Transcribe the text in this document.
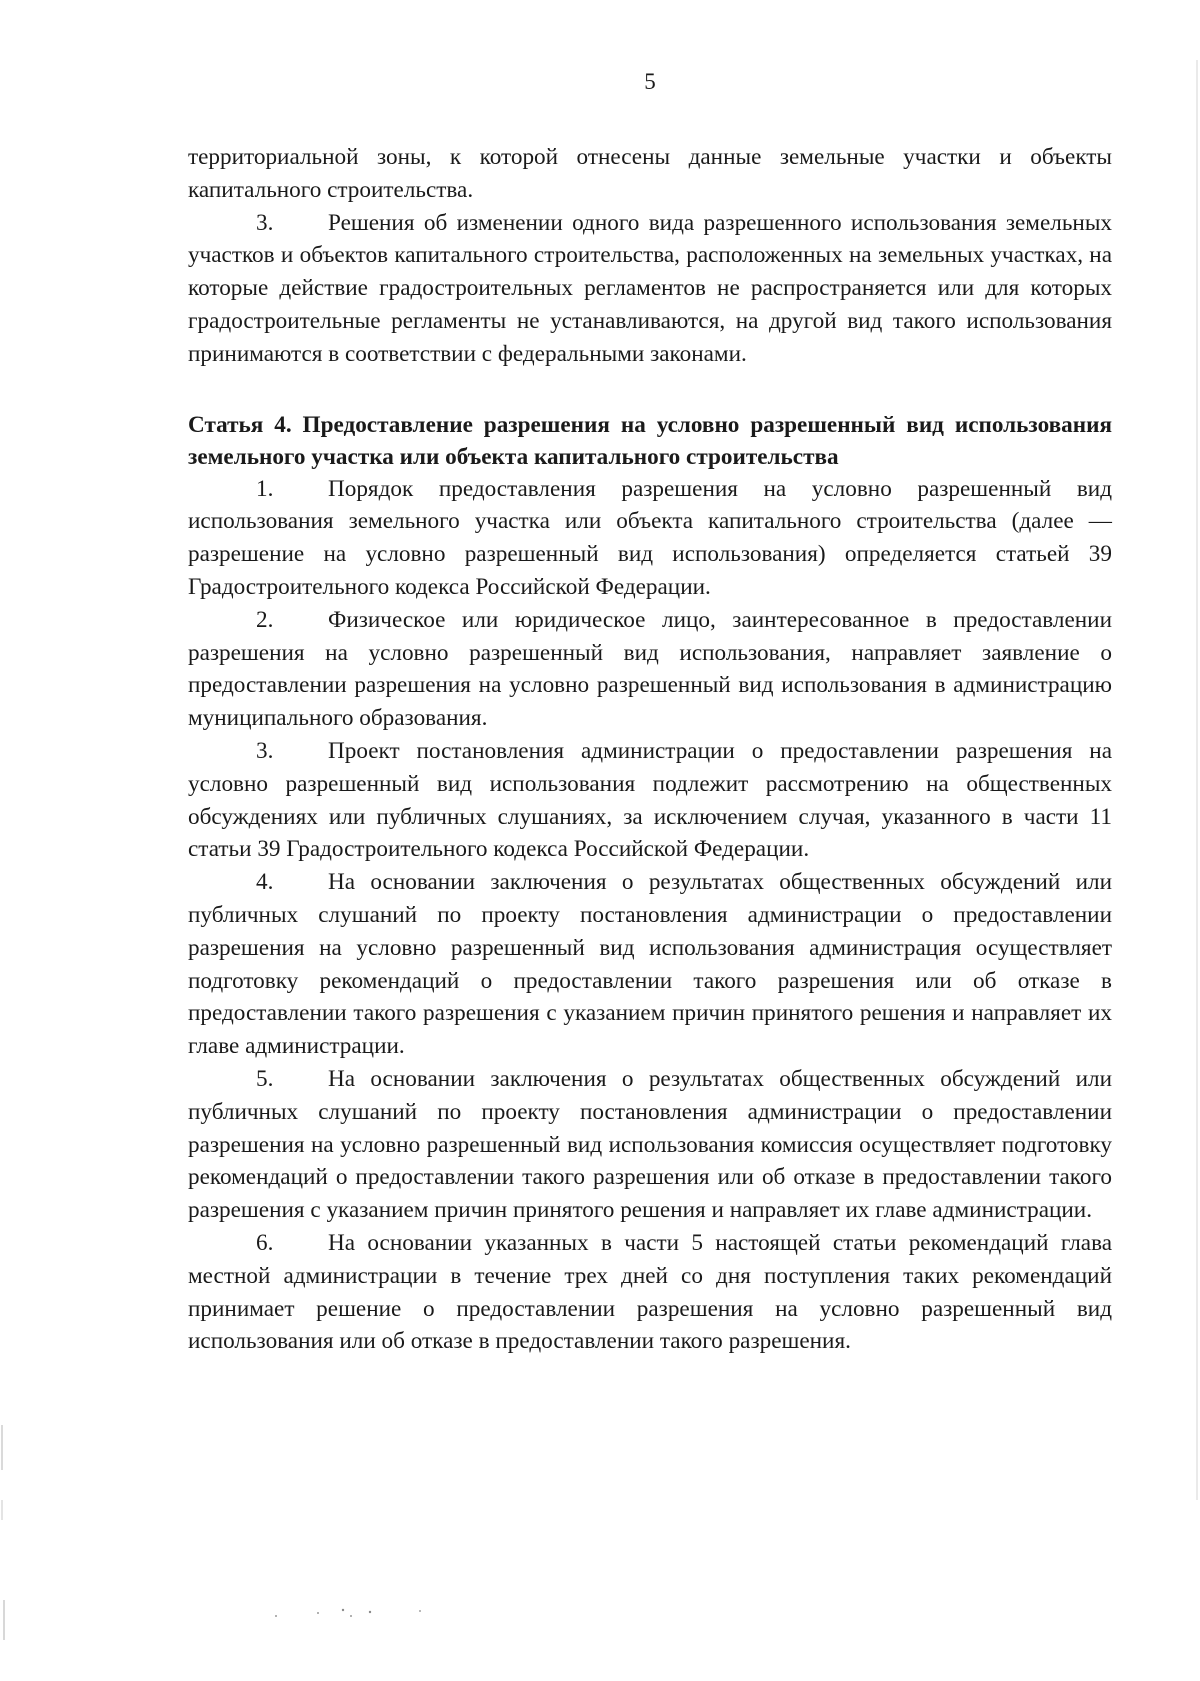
5

территориальной зоны, к которой отнесены данные земельные участки и объекты капитального строительства.

3. Решения об изменении одного вида разрешенного использования земельных участков и объектов капитального строительства, расположенных на земельных участках, на которые действие градостроительных регламентов не распространяется или для которых градостроительные регламенты не устанавливаются, на другой вид такого использования принимаются в соответствии с федеральными законами.

Статья 4. Предоставление разрешения на условно разрешенный вид использования земельного участка или объекта капитального строительства

1. Порядок предоставления разрешения на условно разрешенный вид использования земельного участка или объекта капитального строительства (далее — разрешение на условно разрешенный вид использования) определяется статьей 39 Градостроительного кодекса Российской Федерации.

2. Физическое или юридическое лицо, заинтересованное в предоставлении разрешения на условно разрешенный вид использования, направляет заявление о предоставлении разрешения на условно разрешенный вид использования в администрацию муниципального образования.

3. Проект постановления администрации о предоставлении разрешения на условно разрешенный вид использования подлежит рассмотрению на общественных обсуждениях или публичных слушаниях, за исключением случая, указанного в части 11 статьи 39 Градостроительного кодекса Российской Федерации.

4. На основании заключения о результатах общественных обсуждений или публичных слушаний по проекту постановления администрации о предоставлении разрешения на условно разрешенный вид использования администрация осуществляет подготовку рекомендаций о предоставлении такого разрешения или об отказе в предоставлении такого разрешения с указанием причин принятого решения и направляет их главе администрации.

5. На основании заключения о результатах общественных обсуждений или публичных слушаний по проекту постановления администрации о предоставлении разрешения на условно разрешенный вид использования комиссия осуществляет подготовку рекомендаций о предоставлении такого разрешения или об отказе в предоставлении такого разрешения с указанием причин принятого решения и направляет их главе администрации.

6. На основании указанных в части 5 настоящей статьи рекомендаций глава местной администрации в течение трех дней со дня поступления таких рекомендаций принимает решение о предоставлении разрешения на условно разрешенный вид использования или об отказе в предоставлении такого разрешения.
